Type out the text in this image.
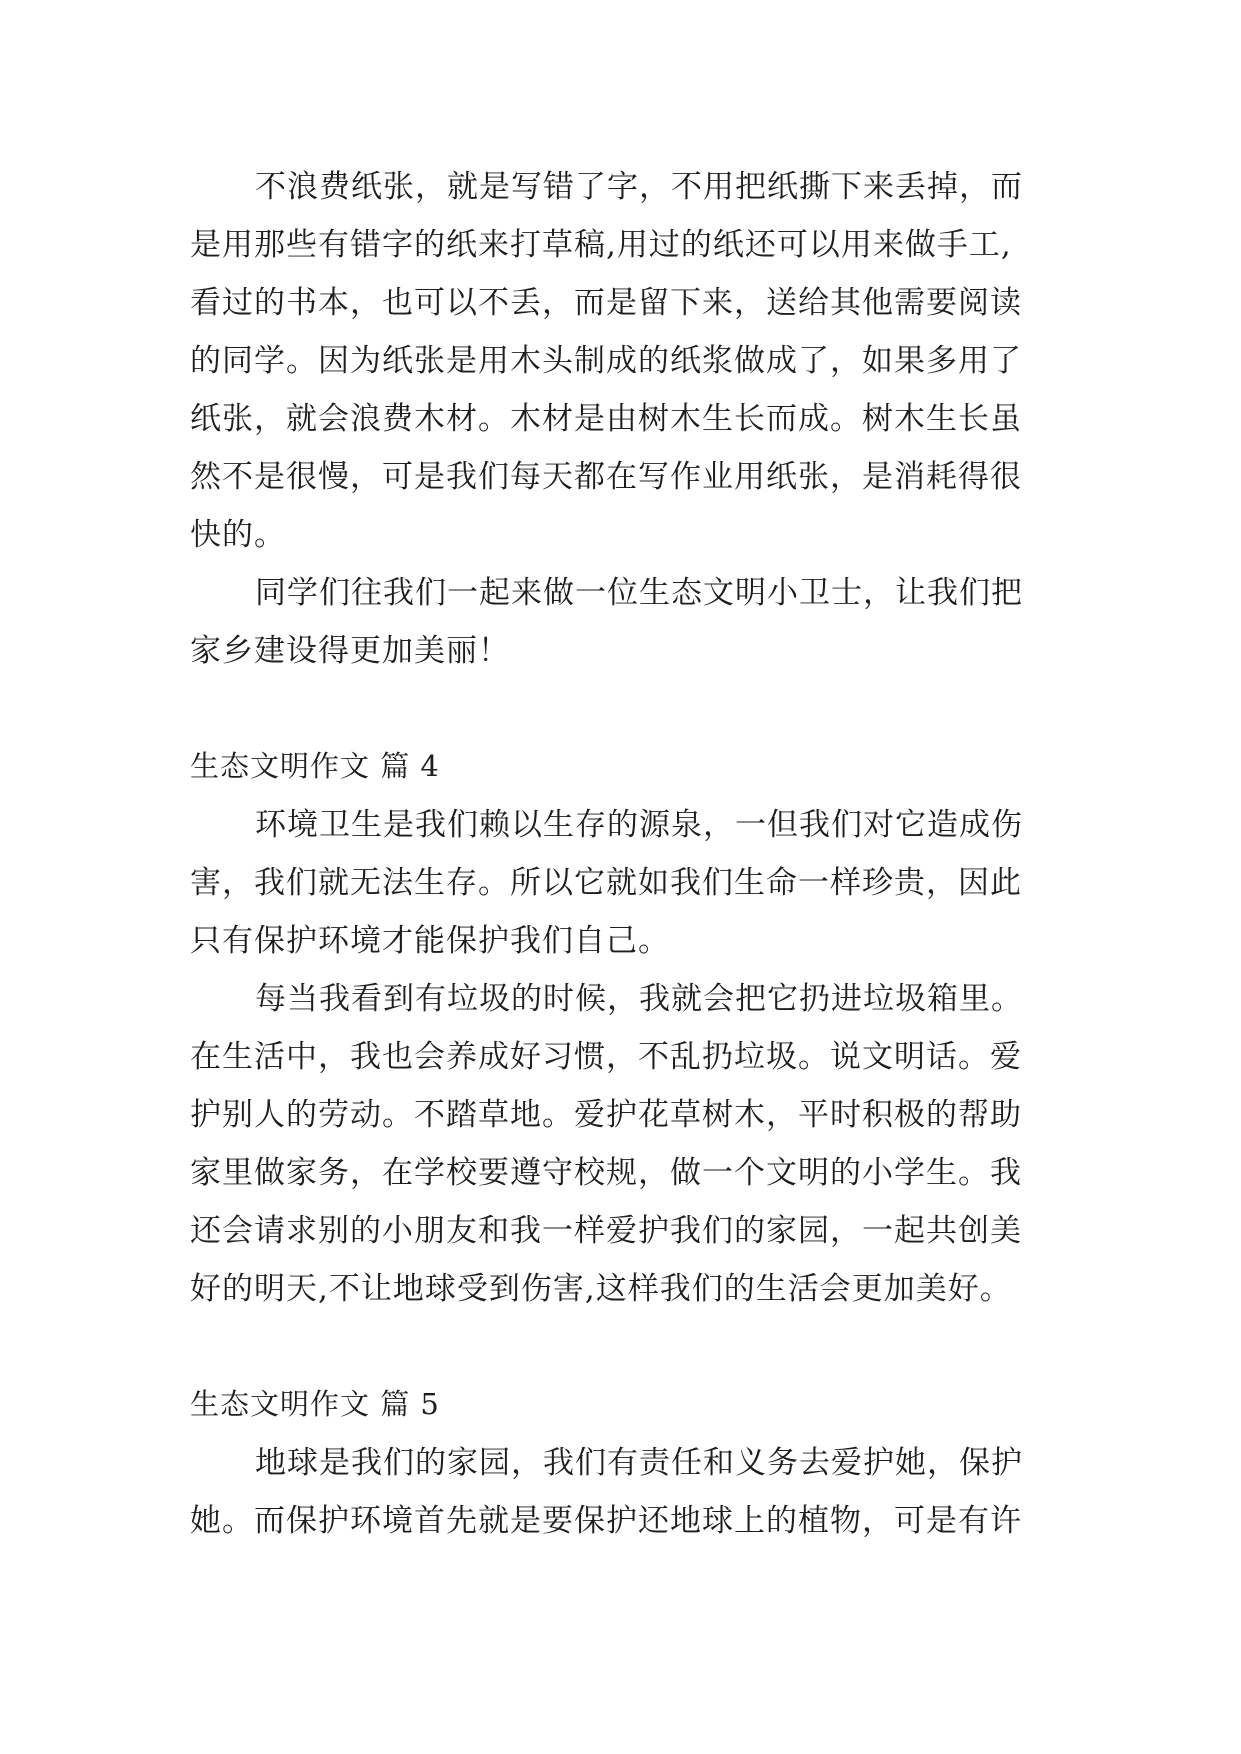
不浪费纸张，就是写错了字，不用把纸撕下来丢掉，而
是用那些有错字的纸来打草稿,用过的纸还可以用来做手工,
看过的书本，也可以不丢，而是留下来，送给其他需要阅读
的同学。因为纸张是用木头制成的纸浆做成了，如果多用了
纸张，就会浪费木材。木材是由树木生长而成。树木生长虽
然不是很慢，可是我们每天都在写作业用纸张，是消耗得很
快的。
同学们往我们一起来做一位生态文明小卫士，让我们把
家乡建设得更加美丽！
生态文明作文 篇 4
环境卫生是我们赖以生存的源泉，一但我们对它造成伤
害，我们就无法生存。所以它就如我们生命一样珍贵，因此
只有保护环境才能保护我们自己。
每当我看到有垃圾的时候，我就会把它扔进垃圾箱里。
在生活中，我也会养成好习惯，不乱扔垃圾。说文明话。爱
护别人的劳动。不踏草地。爱护花草树木，平时积极的帮助
家里做家务，在学校要遵守校规，做一个文明的小学生。我
还会请求别的小朋友和我一样爱护我们的家园，一起共创美
好的明天,不让地球受到伤害,这样我们的生活会更加美好。
生态文明作文 篇 5
地球是我们的家园，我们有责任和义务去爱护她，保护
她。而保护环境首先就是要保护还地球上的植物，可是有许
